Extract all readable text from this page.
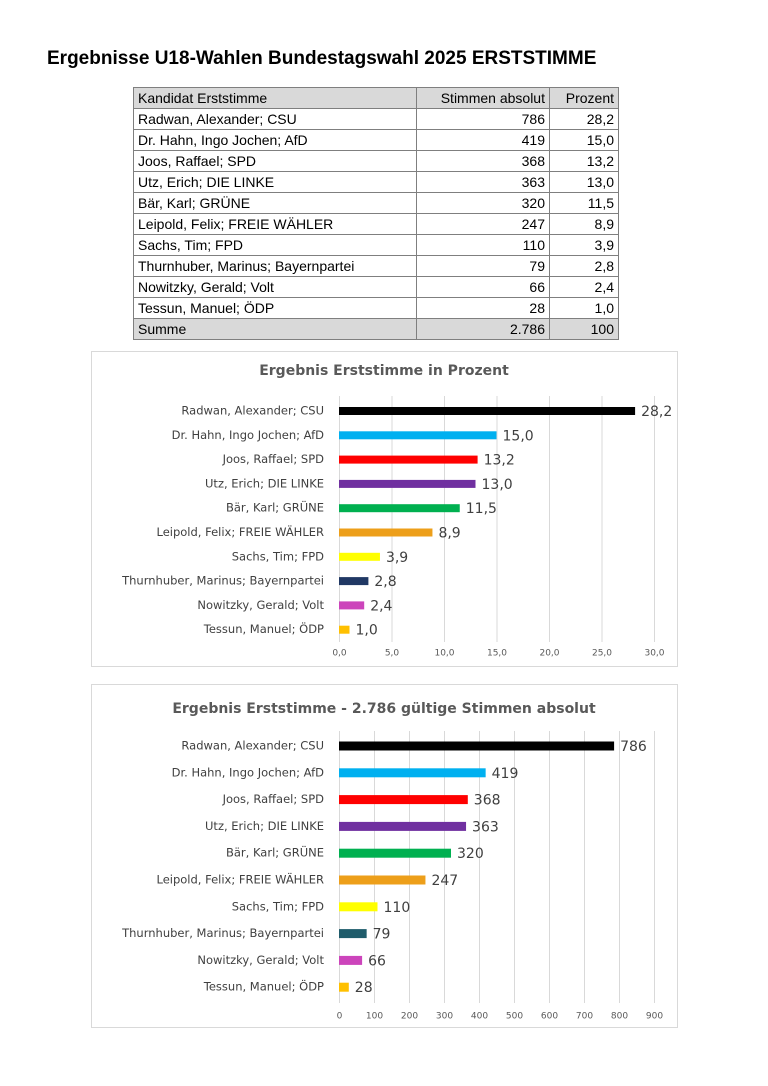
Ergebnisse U18-Wahlen Bundestagswahl 2025 ERSTSTIMME
Kandidat Erststimme	Stimmen absolut	Prozent
Radwan, Alexander; CSU	786	28,2
Dr. Hahn, Ingo Jochen; AfD	419	15,0
Joos, Raffael; SPD	368	13,2
Utz, Erich; DIE LINKE	363	13,0
Bär, Karl; GRÜNE	320	11,5
Leipold, Felix; FREIE WÄHLER	247	8,9
Sachs, Tim; FPD	110	3,9
Thurnhuber, Marinus; Bayernpartei	79	2,8
Nowitzky, Gerald; Volt	66	2,4
Tessun, Manuel; ÖDP	28	1,0
Summe	2.786	100
Ergebnis Erststimme in Prozent
0,0	5,0	10,0	15,0	20,0	25,0	30,0
Radwan, Alexander; CSU	28,2
Dr. Hahn, Ingo Jochen; AfD	15,0
Joos, Raffael; SPD	13,2
Utz, Erich; DIE LINKE	13,0
Bär, Karl; GRÜNE	11,5
Leipold, Felix; FREIE WÄHLER	8,9
Sachs, Tim; FPD	3,9
Thurnhuber, Marinus; Bayernpartei	2,8
Nowitzky, Gerald; Volt	2,4
Tessun, Manuel; ÖDP 1,0
Ergebnis Erststimme - 2.786 gültige Stimmen absolut
0	100 200 300 400 500 600 700 800 900
Radwan, Alexander; CSU	786
Dr. Hahn, Ingo Jochen; AfD	419
Joos, Raffael; SPD	368
Utz, Erich; DIE LINKE	363
Bär, Karl; GRÜNE	320
Leipold, Felix; FREIE WÄHLER	247
Sachs, Tim; FPD	110
Thurnhuber, Marinus; Bayernpartei	79
Nowitzky, Gerald; Volt	66
Tessun, Manuel; ÖDP 28
